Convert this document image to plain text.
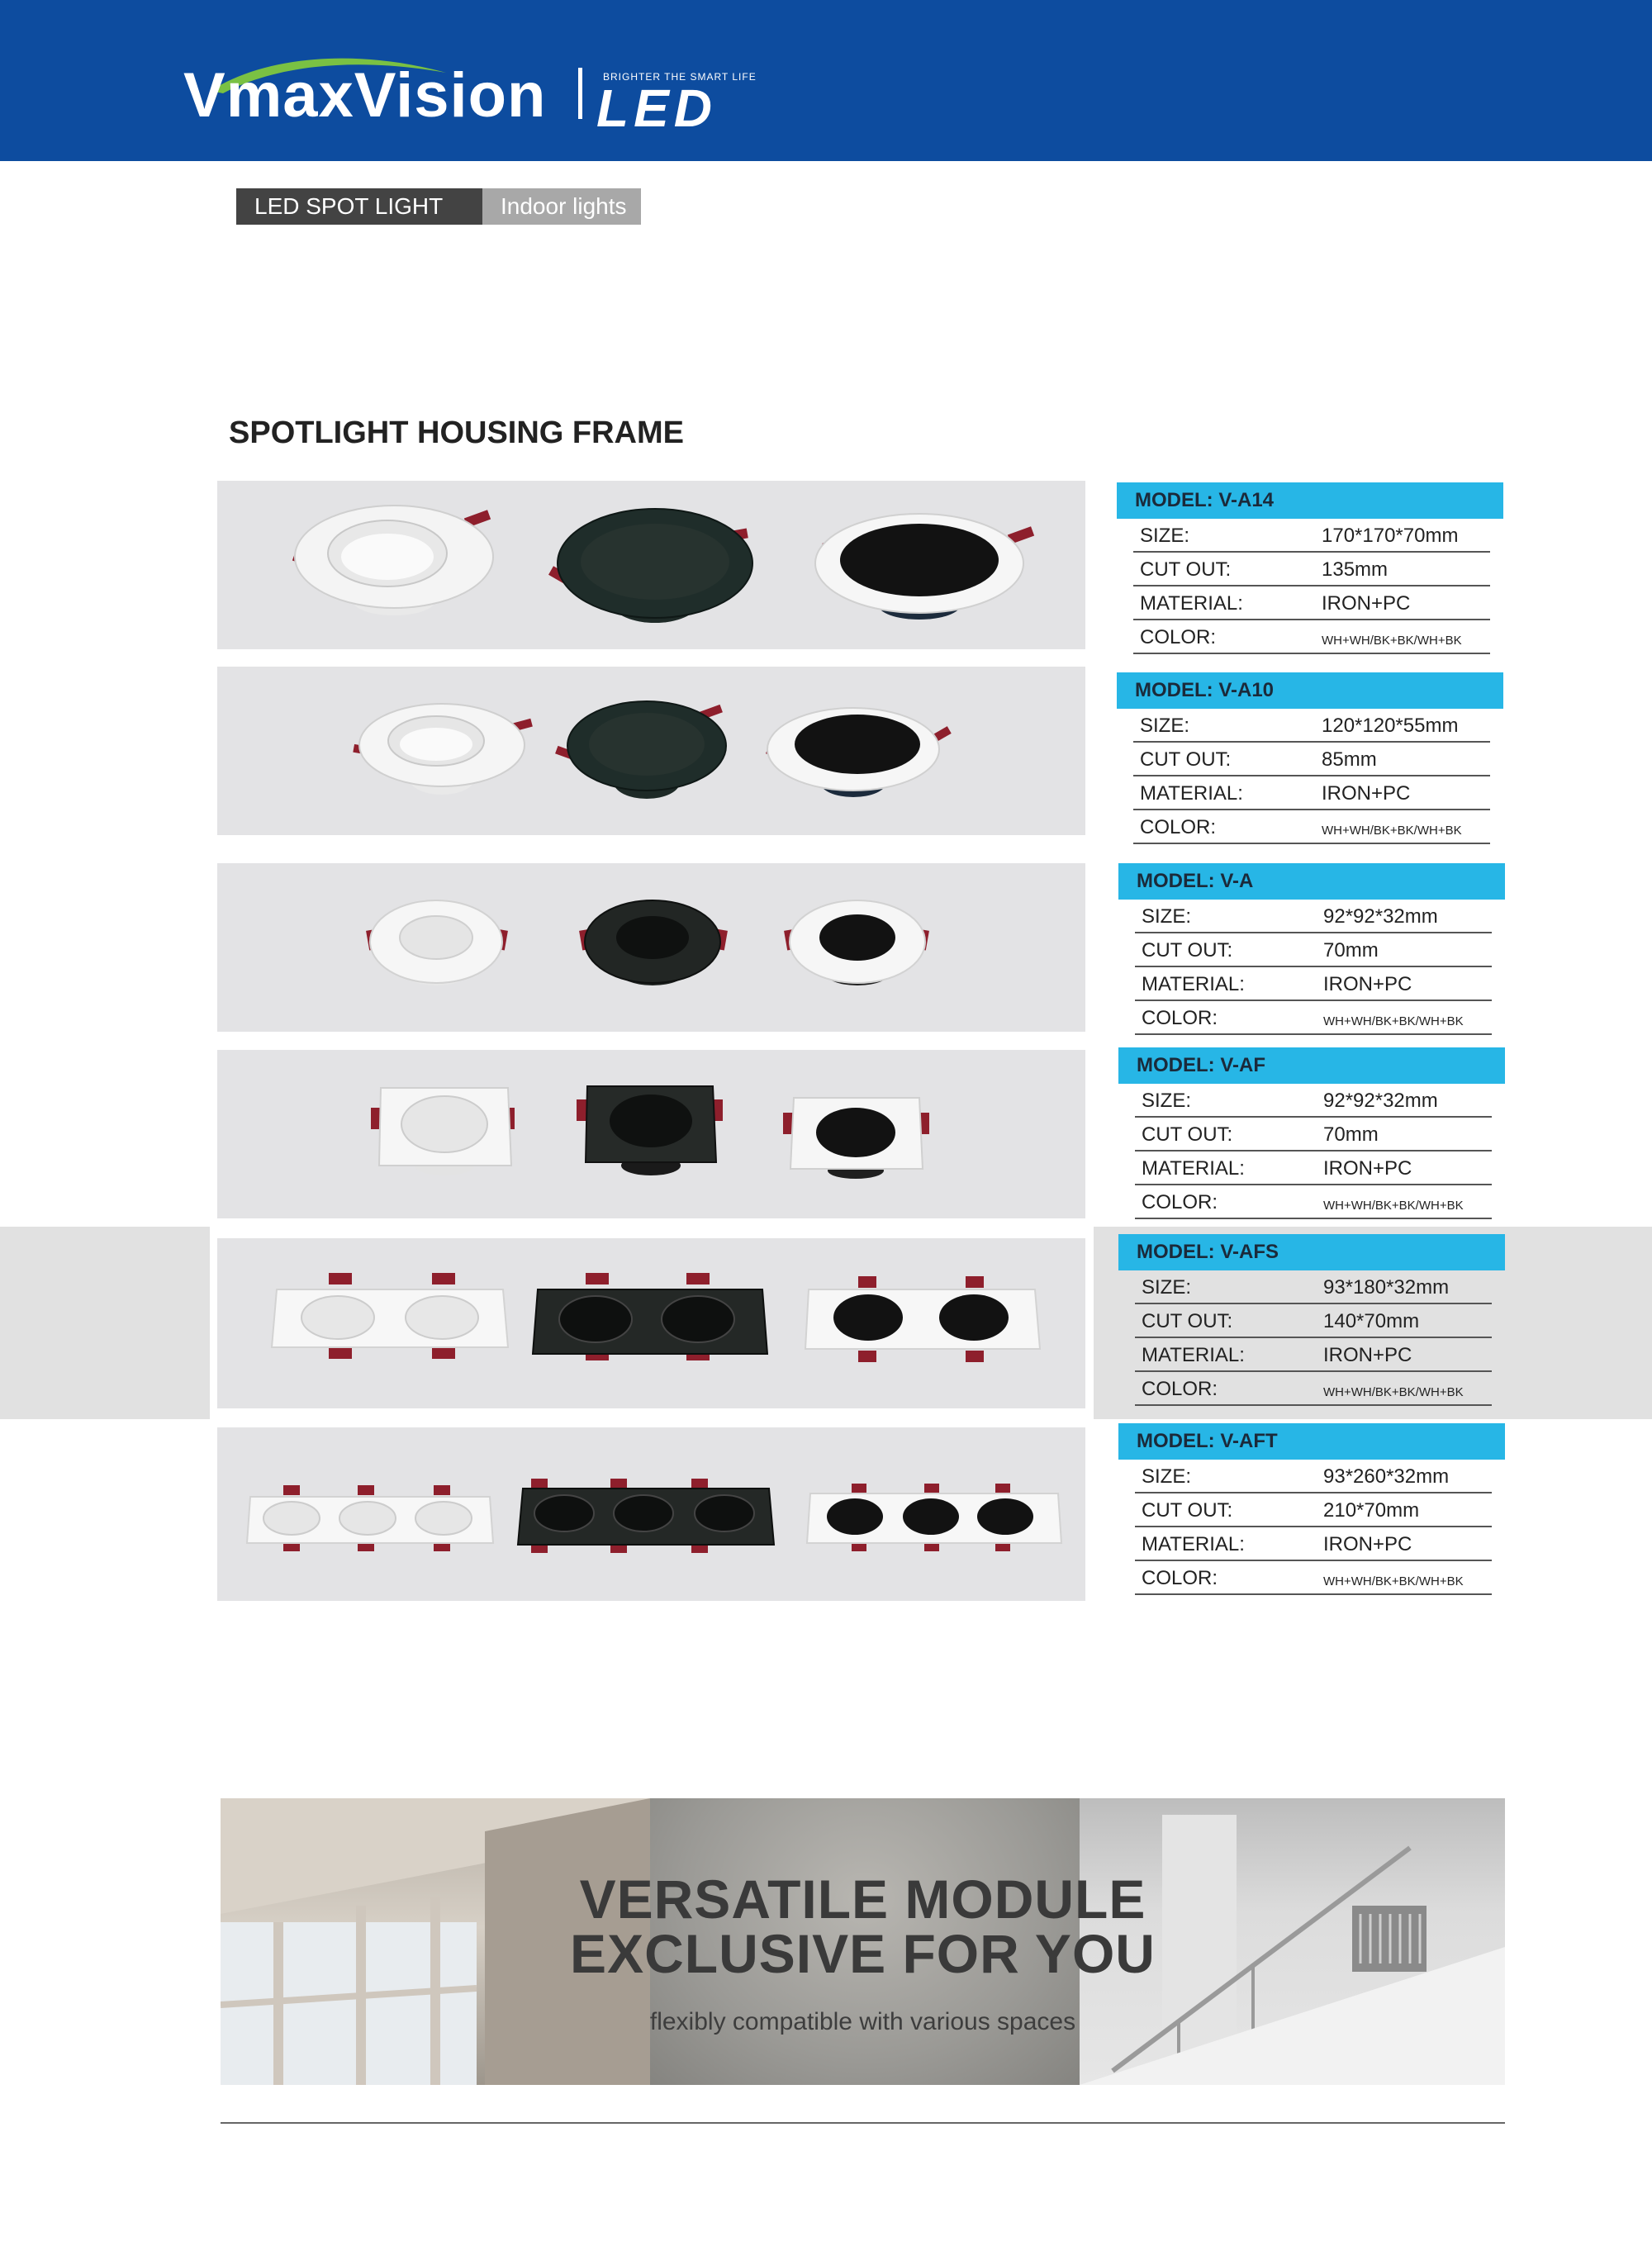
VmaxVision	BRIGHTER THE SMART LIFE
LED
LED SPOT LIGHT	Indoor lights
SPOTLIGHT HOUSING FRAME
MODEL: V-A14
SIZE:	170*170*70mm
CUT OUT:	135mm
MATERIAL:	IRON+PC
COLOR:	WH+WH/BK+BK/WH+BK
MODEL: V-A10
SIZE:	120*120*55mm
CUT OUT:	85mm
MATERIAL:	IRON+PC
COLOR:	WH+WH/BK+BK/WH+BK
MODEL: V-A
SIZE:	92*92*32mm
CUT OUT:	70mm
MATERIAL:	IRON+PC
COLOR:	WH+WH/BK+BK/WH+BK
MODEL: V-AF
SIZE:	92*92*32mm
CUT OUT:	70mm
MATERIAL:	IRON+PC
COLOR:	WH+WH/BK+BK/WH+BK
MODEL: V-AFS
SIZE:	93*180*32mm
CUT OUT:	140*70mm
MATERIAL:	IRON+PC
COLOR:	WH+WH/BK+BK/WH+BK
MODEL: V-AFT
SIZE:	93*260*32mm
CUT OUT:	210*70mm
MATERIAL:	IRON+PC
COLOR:	WH+WH/BK+BK/WH+BK
VERSATILE MODULE
EXCLUSIVE FOR YOU
flexibly compatible with various spaces
